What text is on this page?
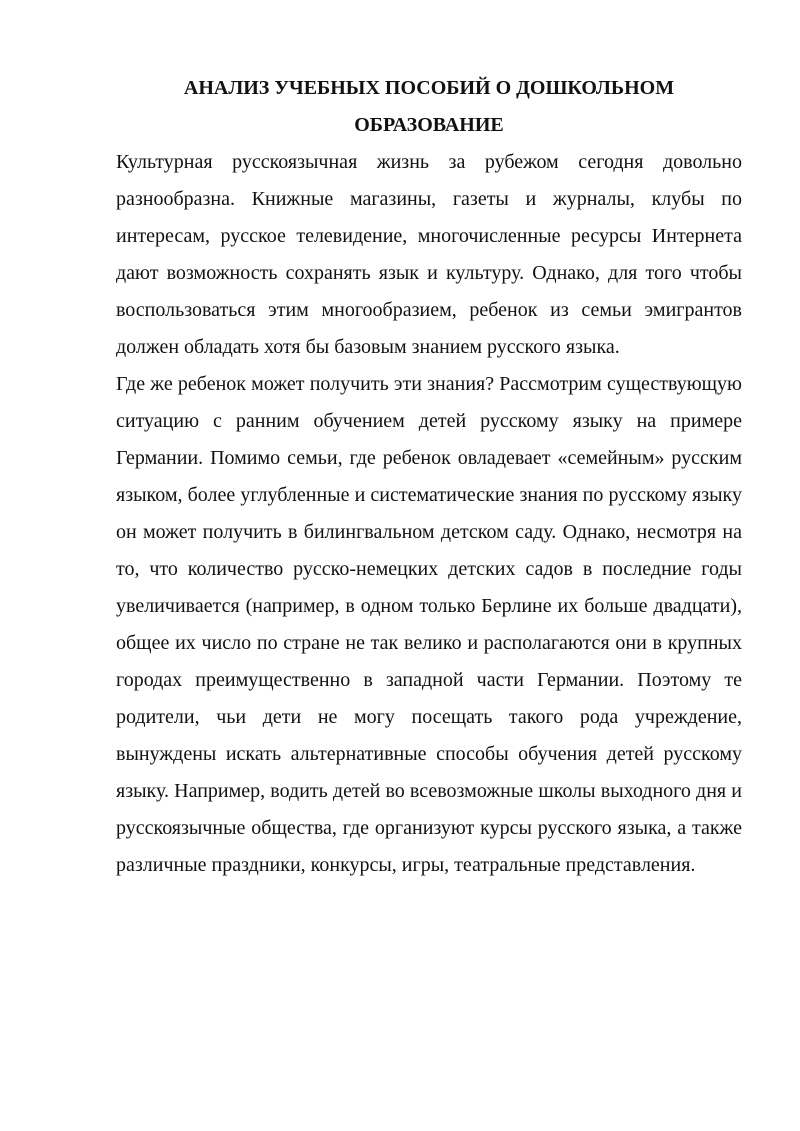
АНАЛИЗ УЧЕБНЫХ ПОСОБИЙ О ДОШКОЛЬНОМ ОБРАЗОВАНИЕ

Культурная русскоязычная жизнь за рубежом сегодня довольно разнообразна. Книжные магазины, газеты и журналы, клубы по интересам, русское телевидение, многочисленные ресурсы Интернета дают возможность сохранять язык и культуру. Однако, для того чтобы воспользоваться этим многообразием, ребенок из семьи эмигрантов должен обладать хотя бы базовым знанием русского языка.

Где же ребенок может получить эти знания? Рассмотрим существующую ситуацию с ранним обучением детей русскому языку на примере Германии. Помимо семьи, где ребенок овладевает «семейным» русским языком, более углубленные и систематические знания по русскому языку он может получить в билингвальном детском саду. Однако, несмотря на то, что количество русско-немецких детских садов в последние годы увеличивается (например, в одном только Берлине их больше двадцати), общее их число по стране не так велико и располагаются они в крупных городах преимущественно в западной части Германии. Поэтому те родители, чьи дети не могу посещать такого рода учреждение, вынуждены искать альтернативные способы обучения детей русскому языку. Например, водить детей во всевозможные школы выходного дня и русскоязычные общества, где организуют курсы русского языка, а также различные праздники, конкурсы, игры, театральные представления.
